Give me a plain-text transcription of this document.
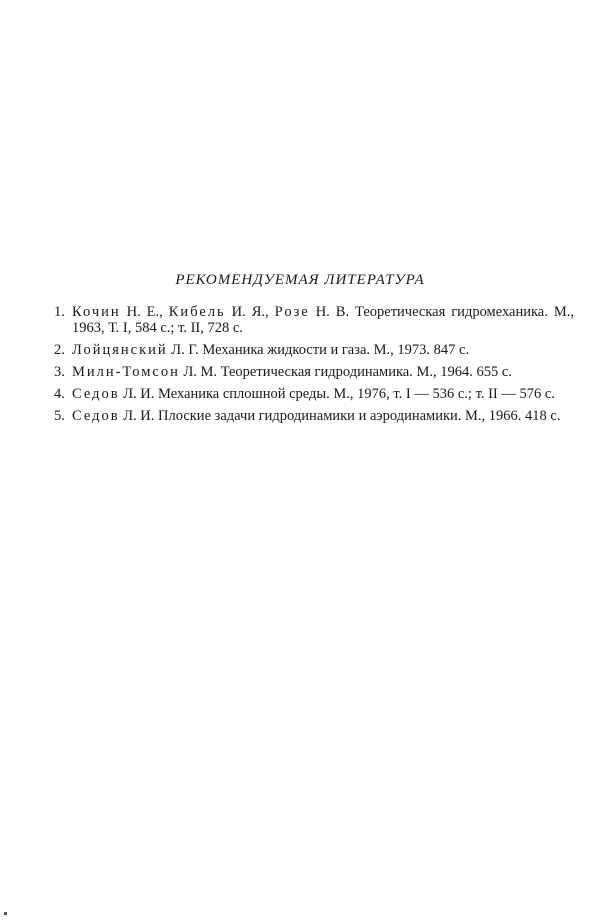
РЕКОМЕНДУЕМАЯ ЛИТЕРАТУРА
1. Кочин Н. Е., Кибель И. Я., Розе Н. В. Теоретическая гидромеханика. М., 1963, Т. I, 584 с.; т. II, 728 с.
2. Лойцянский Л. Г. Механика жидкости и газа. М., 1973. 847 с.
3. Милн-Томсон Л. М. Теоретическая гидродинамика. М., 1964. 655 с.
4. Седов Л. И. Механика сплошной среды. М., 1976, т. I — 536 с.; т. II — 576 с.
5. Седов Л. И. Плоские задачи гидродинамики и аэродинамики. М., 1966. 418 с.
